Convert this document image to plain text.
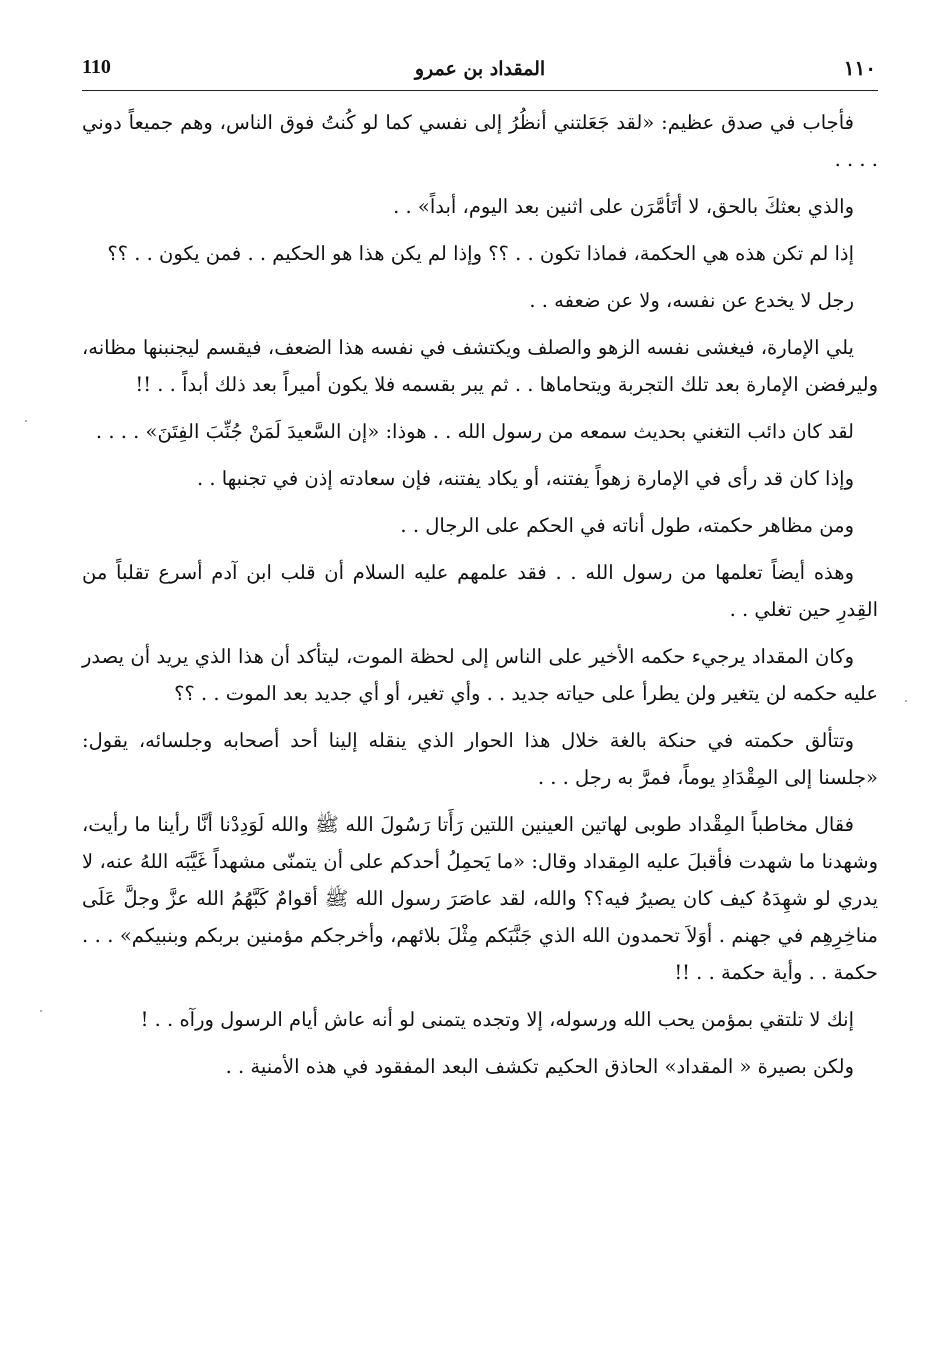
110	المقداد بن عمرو	١١٠

فأجاب في صدق عظيم: «لقد جَعَلتني أنظُرُ إلى نفسي كما لو كُنتُ فوق الناس، وهم جميعاً دوني . . . .

والذي بعثكَ بالحق، لا أتَأمَّرَن على اثنين بعد اليوم، أبداً» . .

إذا لم تكن هذه هي الحكمة، فماذا تكون . . ؟؟ وإذا لم يكن هذا هو الحكيم . . فمن يكون . . ؟؟

رجل لا يخدع عن نفسه، ولا عن ضعفه . .

يلي الإمارة، فيغشى نفسه الزهو والصلف ويكتشف في نفسه هذا الضعف، فيقسم ليجنبنها مظانه، وليرفضن الإمارة بعد تلك التجربة ويتحاماها . . ثم يبر بقسمه فلا يكون أميراً بعد ذلك أبداً . . !!

لقد كان دائب التغني بحديث سمعه من رسول الله . . هوذا: «إن السَّعيدَ لَمَنْ جُنِّبَ الفِتَنَ» . . . .

وإذا كان قد رأى في الإمارة زهواً يفتنه، أو يكاد يفتنه، فإن سعادته إذن في تجنبها . .

ومن مظاهر حكمته، طول أناته في الحكم على الرجال . .

وهذه أيضاً تعلمها من رسول الله . . فقد علمهم عليه السلام أن قلب ابن آدم أسرع تقلباً من القِدرِ حين تغلي . .

وكان المقداد يرجيء حكمه الأخير على الناس إلى لحظة الموت، ليتأكد أن هذا الذي يريد أن يصدر عليه حكمه لن يتغير ولن يطرأ على حياته جديد . . وأي تغير، أو أي جديد بعد الموت . . ؟؟

وتتألق حكمته في حنكة بالغة خلال هذا الحوار الذي ينقله إلينا أحد أصحابه وجلسائه، يقول: «جلسنا إلى المِقْدَادِ يوماً، فمرَّ به رجل . . .

فقال مخاطباً المِقْداد طوبى لهاتين العينين اللتين رَأَتا رَسُولَ الله ﷺ والله لَوَدِدْنا أنَّا رأينا ما رأيت، وشهدنا ما شهدت فأقبلَ عليه المِقداد وقال: «ما يَحمِلُ أحدكم على أن يتمنّى مشهداً غَيَّبَه اللهُ عنه، لا يدري لو شهِدَهُ كيف كان يصيرُ فيه؟؟ والله، لقد عاصَرَ رسول الله ﷺ أقوامٌ كَبَّهُمُ الله عزَّ وجلَّ عَلَى مناخِرِهِم في جهنم . أوَلاَ تحمدون الله الذي جَنَّبَكم مِثْلَ بلائهم، وأخرجكم مؤمنين بربكم وبنبيكم» . . . حكمة . . وأية حكمة . . !!

إنك لا تلتقي بمؤمن يحب الله ورسوله، إلا وتجده يتمنى لو أنه عاش أيام الرسول ورآه . . !

ولكن بصيرة « المقداد» الحاذق الحكيم تكشف البعد المفقود في هذه الأمنية . .
